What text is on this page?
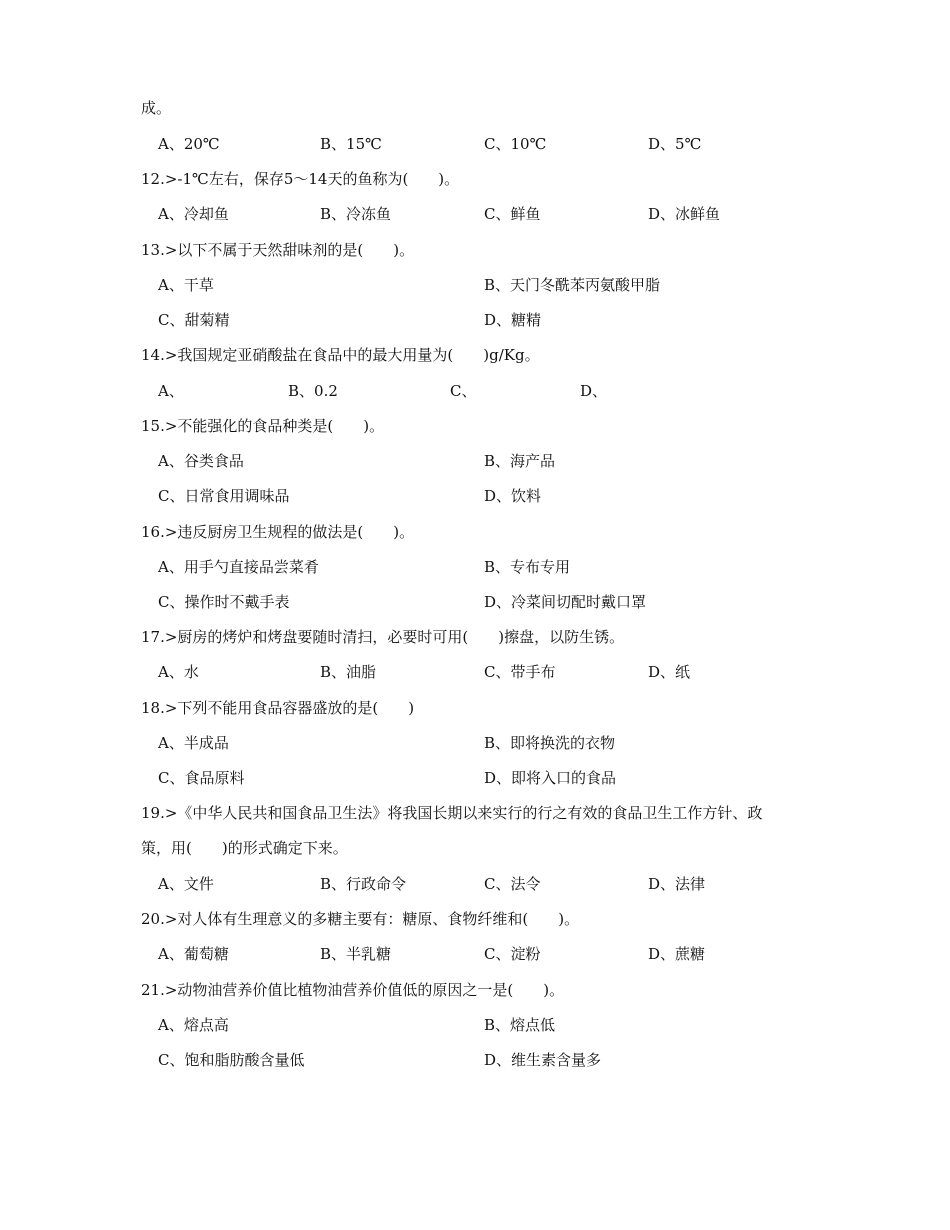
成。
A、20℃	B、15℃	C、10℃	D、5℃
12.>-1℃左右，保存5～14天的鱼称为(　　)。
A、冷却鱼	B、冷冻鱼	C、鲜鱼	D、冰鲜鱼
13.>以下不属于天然甜味剂的是(　　)。
A、干草	B、天门冬酰苯丙氨酸甲脂
C、甜菊精	D、糖精
14.>我国规定亚硝酸盐在食品中的最大用量为(　　)g/Kg。
A、	B、0.2	C、	D、
15.>不能强化的食品种类是(　　)。
A、谷类食品	B、海产品
C、日常食用调味品	D、饮料
16.>违反厨房卫生规程的做法是(　　)。
A、用手勺直接品尝菜肴	B、专布专用
C、操作时不戴手表	D、冷菜间切配时戴口罩
17.>厨房的烤炉和烤盘要随时清扫，必要时可用(　　)擦盘，以防生锈。
A、水	B、油脂	C、带手布	D、纸
18.>下列不能用食品容器盛放的是(　　)
A、半成品	B、即将换洗的衣物
C、食品原料	D、即将入口的食品
19.>《中华人民共和国食品卫生法》将我国长期以来实行的行之有效的食品卫生工作方针、政
策，用(　　)的形式确定下来。
A、文件	B、行政命令	C、法令	D、法律
20.>对人体有生理意义的多糖主要有：糖原、食物纤维和(　　)。
A、葡萄糖	B、半乳糖	C、淀粉	D、蔗糖
21.>动物油营养价值比植物油营养价值低的原因之一是(　　)。
A、熔点高	B、熔点低
C、饱和脂肪酸含量低	D、维生素含量多
